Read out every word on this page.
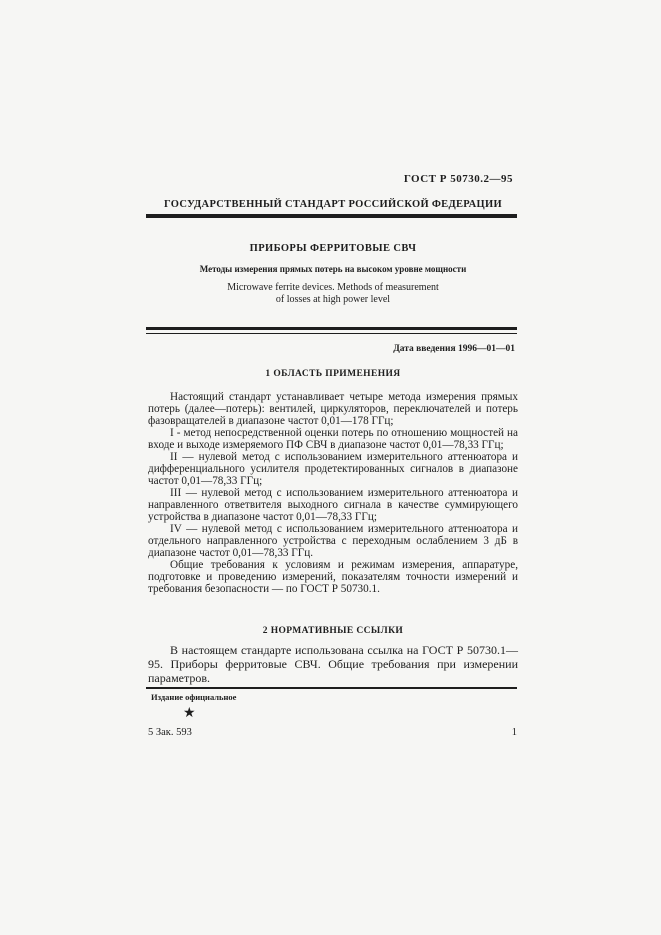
ГОСТ Р 50730.2—95
ГОСУДАРСТВЕННЫЙ СТАНДАРТ РОССИЙСКОЙ ФЕДЕРАЦИИ
ПРИБОРЫ ФЕРРИТОВЫЕ СВЧ
Методы измерения прямых потерь на высоком уровне мощности
Microwave ferrite devices. Methods of measurement
of losses at high power level
Дата введения 1996—01—01
1 ОБЛАСТЬ ПРИМЕНЕНИЯ

Настоящий стандарт устанавливает четыре метода измерения прямых потерь (далее—потерь): вентилей, циркуляторов, переключателей и потерь фазовращателей в диапазоне частот 0,01—178 ГГц;

I - метод непосредственной оценки потерь по отношению мощностей на входе и выходе измеряемого ПФ СВЧ в диапазоне частот 0,01—78,33 ГГц;

II — нулевой метод с использованием измерительного аттенюатора и дифференциального усилителя продетектированных сигналов в диапазоне частот 0,01—78,33 ГГц;

III — нулевой метод с использованием измерительного аттенюатора и направленного ответвителя выходного сигнала в качестве суммирующего устройства в диапазоне частот 0,01—78,33 ГГц;

IV — нулевой метод с использованием измерительного аттенюатора и отдельного направленного устройства с переходным ослаблением 3 дБ в диапазоне частот 0,01—78,33 ГГц.

Общие требования к условиям и режимам измерения, аппаратуре, подготовке и проведению измерений, показателям точности измерений и требования безопасности — по ГОСТ Р 50730.1.

2 НОРМАТИВНЫЕ ССЫЛКИ

В настоящем стандарте использована ссылка на ГОСТ Р 50730.1—95. Приборы ферритовые СВЧ. Общие требования при измерении параметров.

Издание официальное
★
5 Зак. 593	1
